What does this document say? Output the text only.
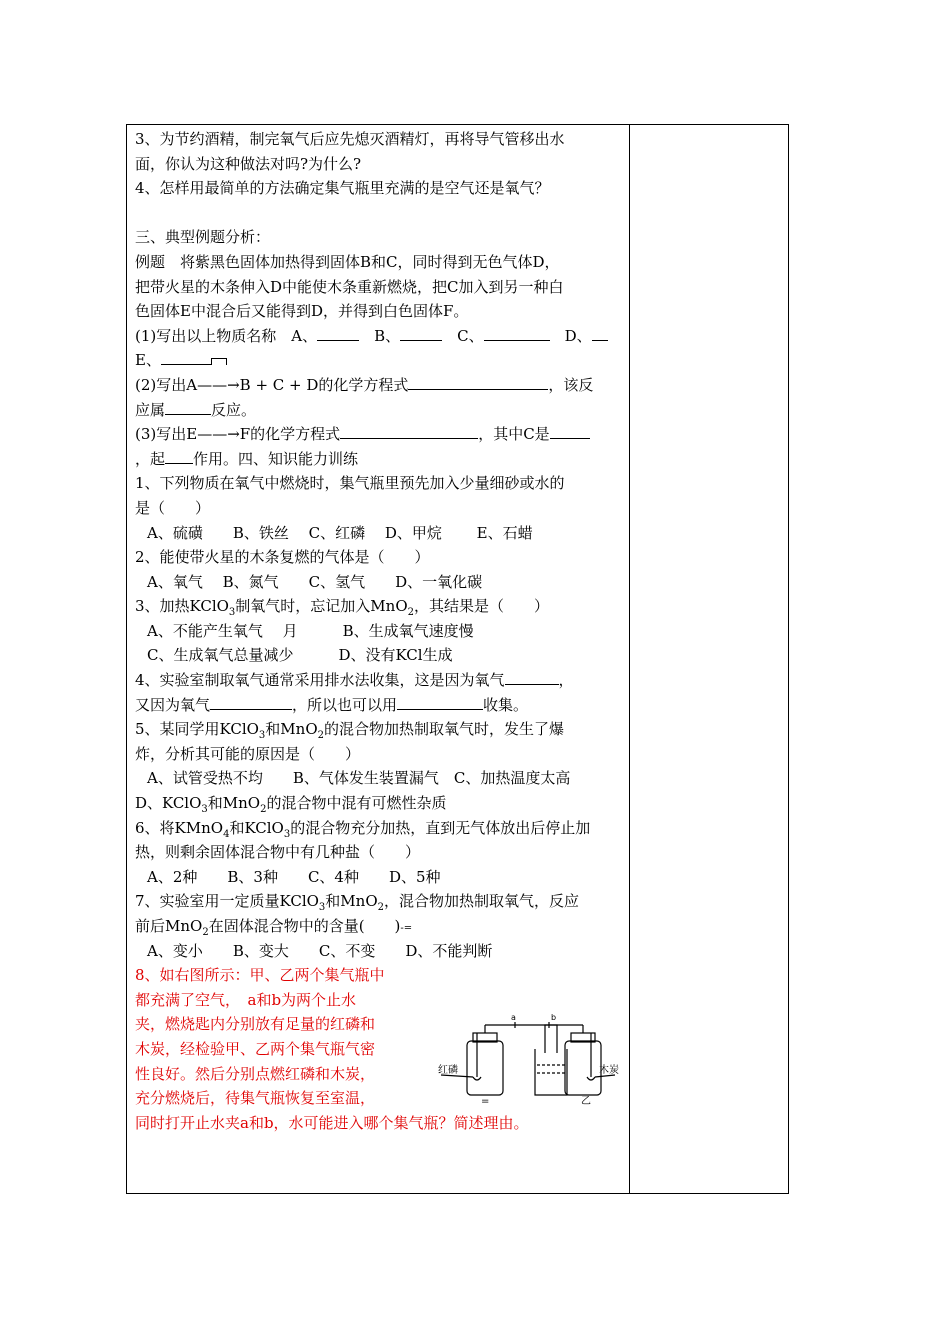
3、为节约酒精，制完氧气后应先熄灭酒精灯，再将导气管移出水
面，你认为这种做法对吗?为什么?
4、怎样用最简单的方法确定集气瓶里充满的是空气还是氧气？
三、典型例题分析：
例题　将紫黑色固体加热得到固体B和C，同时得到无色气体D，
把带火星的木条伸入D中能使木条重新燃烧，把C加入到另一种白
色固体E中混合后又能得到D，并得到白色固体F。
(1)写出以上物质名称　A、	　B、	　C、	　D、
E、
(2)写出A——→B + C + D的化学方程式	，该反
应属	反应。
(3)写出E——→F的化学方程式	，其中C是
，起 作用。四、知识能力训练
1、下列物质在氧气中燃烧时，集气瓶里预先加入少量细砂或水的
是（　　）
A、硫磺　　B、铁丝　 C、红磷　 D、甲烷　　 E、石蜡
2、能使带火星的木条复燃的气体是（　　）
A、氧气　 B、氮气　　C、氢气　　D、一氧化碳
3、加热KClO$_3$制氧气时，忘记加入MnO$_2$，其结果是（　　）
A、不能产生氧气　 月　　　B、生成氧气速度慢
C、生成氧气总量减少　　　D、没有KCl生成
4、实验室制取氧气通常采用排水法收集，这是因为氧气	，
又因为氧气	，所以也可以用	收集。
5、某同学用KClO$_3$和MnO$_2$的混合物加热制取氧气时，发生了爆
炸，分析其可能的原因是（　　）
A、试管受热不均　　B、气体发生装置漏气　C、加热温度太高
D、KClO$_3$和MnO$_2$的混合物中混有可燃性杂质
6、将KMnO$_4$和KClO$_3$的混合物充分加热，直到无气体放出后停止加
热，则剩余固体混合物中有几种盐（　　）
A、2种　　B、3种　　C、4种　　D、5种
7、实验室用一定质量KClO$_3$和MnO$_2$，混合物加热制取氧气，反应
前后MnO$_2$在固体混合物中的含量(　　)-=
A、变小　　B、变大　　C、不变　　D、不能判断
8、如右图所示：甲、乙两个集气瓶中
都充满了空气，　a和b为两个止水
夹，燃烧匙内分别放有足量的红磷和
木炭，经检验甲、乙两个集气瓶气密
性良好。然后分别点燃红磷和木炭，
充分燃烧后，待集气瓶恢复至室温，
同时打开止水夹a和b，水可能进入哪个集气瓶？简述理由。
红磷	木炭
a	b
=	乙
